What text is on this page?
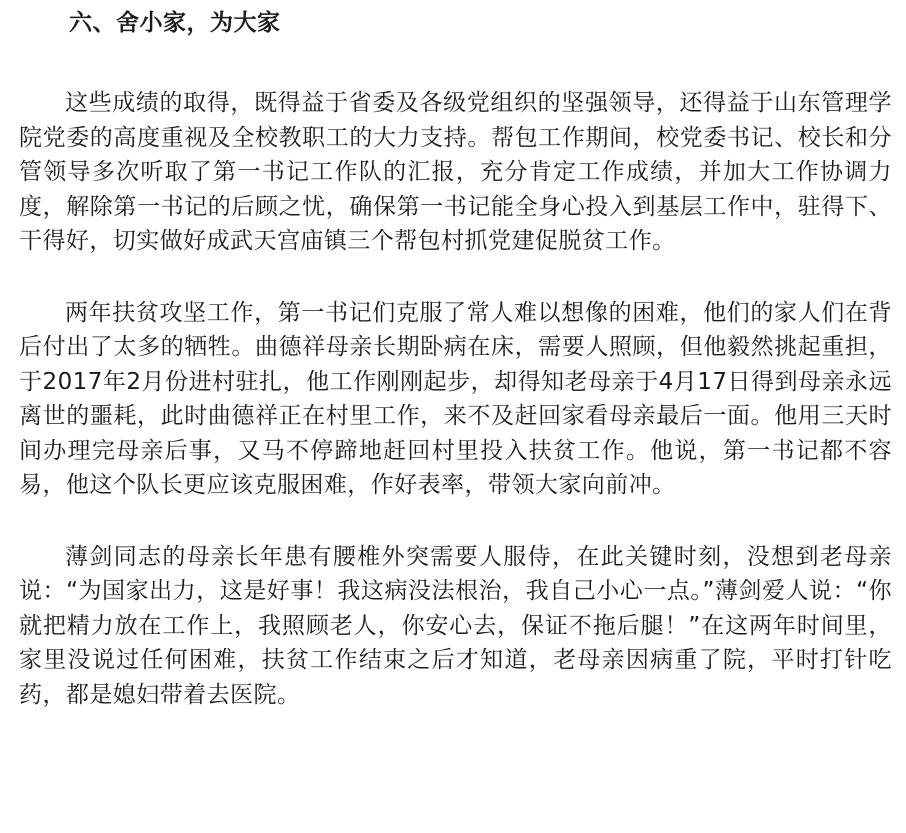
六、舍小家，为大家

这些成绩的取得，既得益于省委及各级党组织的坚强领导，还得益于山东管理学院党委的高度重视及全校教职工的大力支持。帮包工作期间，校党委书记、校长和分管领导多次听取了第一书记工作队的汇报，充分肯定工作成绩，并加大工作协调力度，解除第一书记的后顾之忧，确保第一书记能全身心投入到基层工作中，驻得下、干得好，切实做好成武天宫庙镇三个帮包村抓党建促脱贫工作。

两年扶贫攻坚工作，第一书记们克服了常人难以想像的困难，他们的家人们在背后付出了太多的牺牲。曲德祥母亲长期卧病在床，需要人照顾，但他毅然挑起重担，于2017年2月份进村驻扎，他工作刚刚起步，却得知老母亲于4月17日得到母亲永远离世的噩耗，此时曲德祥正在村里工作，来不及赶回家看母亲最后一面。他用三天时间办理完母亲后事，又马不停蹄地赶回村里投入扶贫工作。他说，第一书记都不容易，他这个队长更应该克服困难，作好表率，带领大家向前冲。

薄剑同志的母亲长年患有腰椎外突需要人服侍，在此关键时刻，没想到老母亲说：“为国家出力，这是好事！我这病没法根治，我自己小心一点。”薄剑爱人说：“你就把精力放在工作上，我照顾老人，你安心去，保证不拖后腿！”在这两年时间里，家里没说过任何困难，扶贫工作结束之后才知道，老母亲因病重了院，平时打针吃药，都是媳妇带着去医院。
